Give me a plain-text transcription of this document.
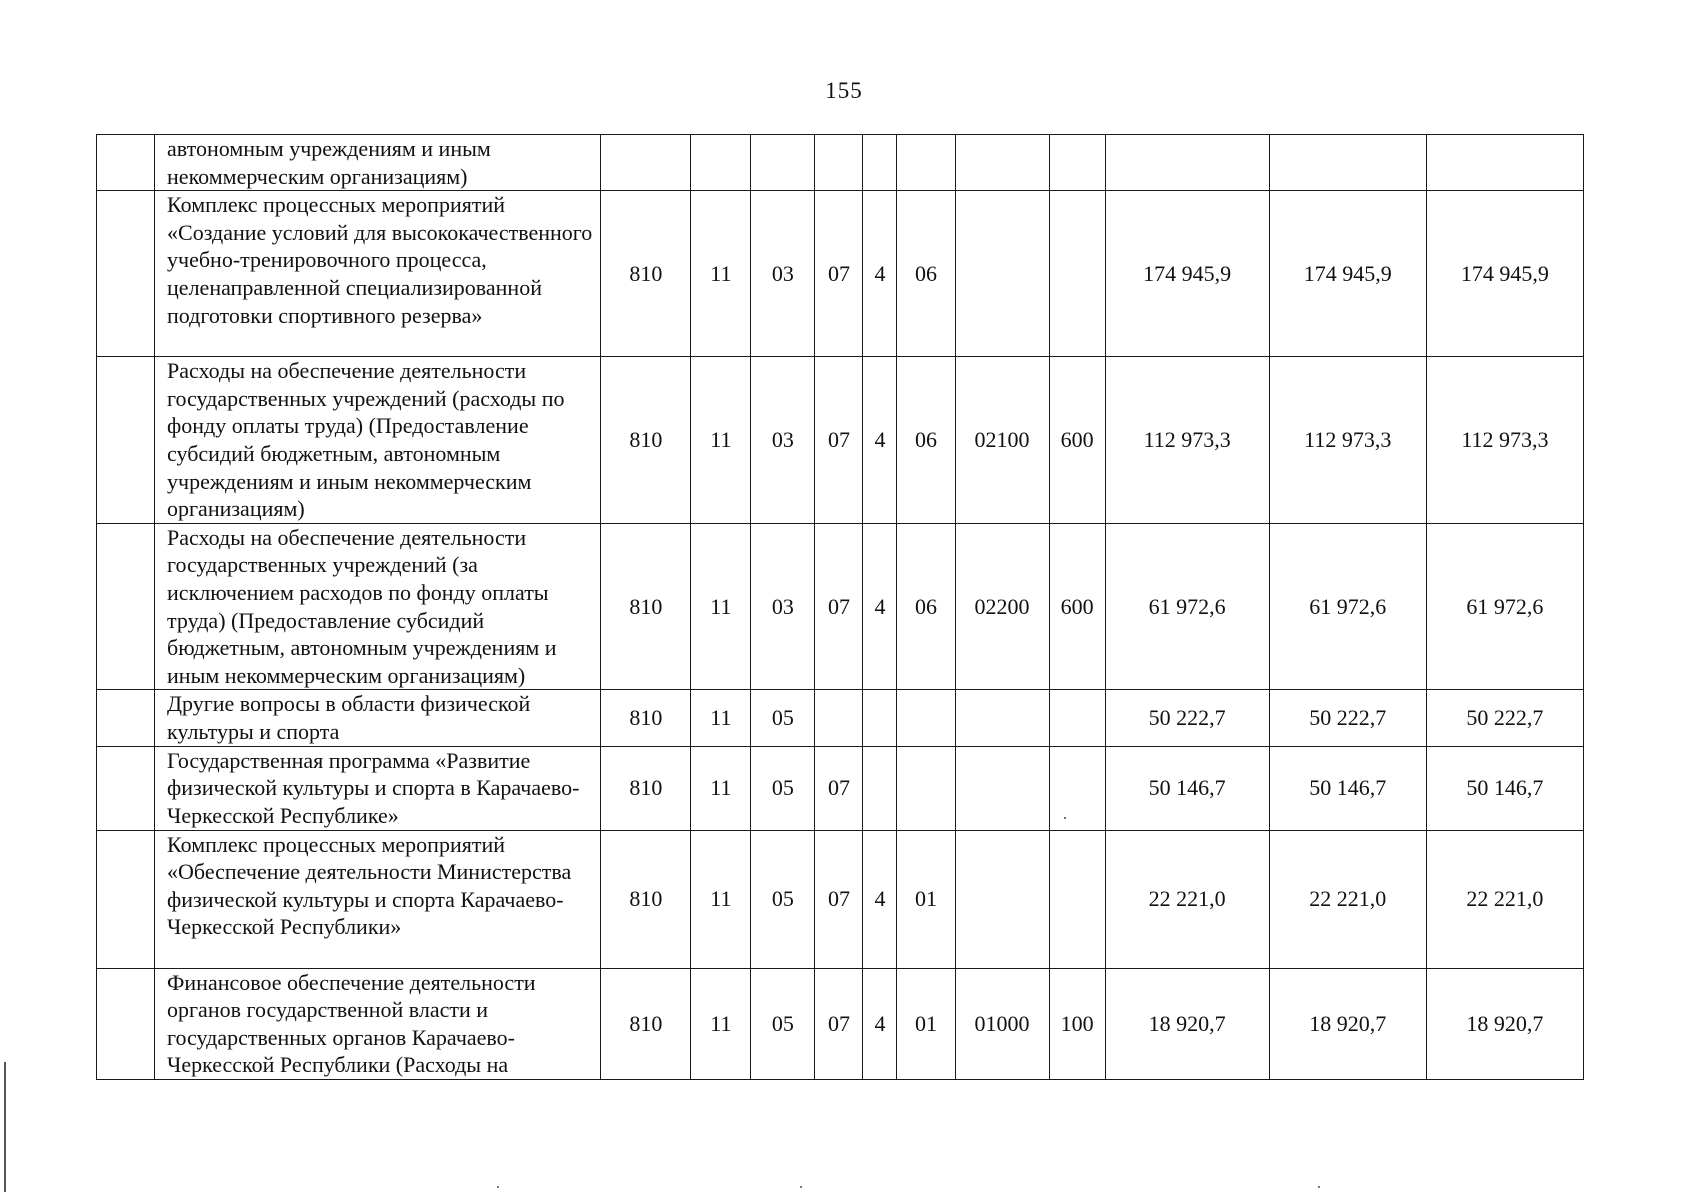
155
	автономным учреждениям и иным некоммерческим организациям)											
	Комплекс процессных мероприятий «Создание условий для высококачественного учебно-тренировочного процесса, целенаправленной специализированной подготовки спортивного резерва»	810	11	03	07	4	06			174 945,9	174 945,9	174 945,9
	Расходы на обеспечение деятельности государственных учреждений (расходы по фонду оплаты труда) (Предоставление субсидий бюджетным, автономным учреждениям и иным некоммерческим организациям)	810	11	03	07	4	06	02100	600	112 973,3	112 973,3	112 973,3
	Расходы на обеспечение деятельности государственных учреждений (за исключением расходов по фонду оплаты труда) (Предоставление субсидий бюджетным, автономным учреждениям и иным некоммерческим организациям)	810	11	03	07	4	06	02200	600	61 972,6	61 972,6	61 972,6
	Другие вопросы в области физической культуры и спорта	810	11	05						50 222,7	50 222,7	50 222,7
	Государственная программа «Развитие физической культуры и спорта в Карачаево-Черкесской Республике»	810	11	05	07					50 146,7	50 146,7	50 146,7
	Комплекс процессных мероприятий «Обеспечение деятельности Министерства физической культуры и спорта Карачаево-Черкесской Республики»	810	11	05	07	4	01			22 221,0	22 221,0	22 221,0
	Финансовое обеспечение деятельности органов государственной власти и государственных органов Карачаево-Черкесской Республики (Расходы на	810	11	05	07	4	01	01000	100	18 920,7	18 920,7	18 920,7
